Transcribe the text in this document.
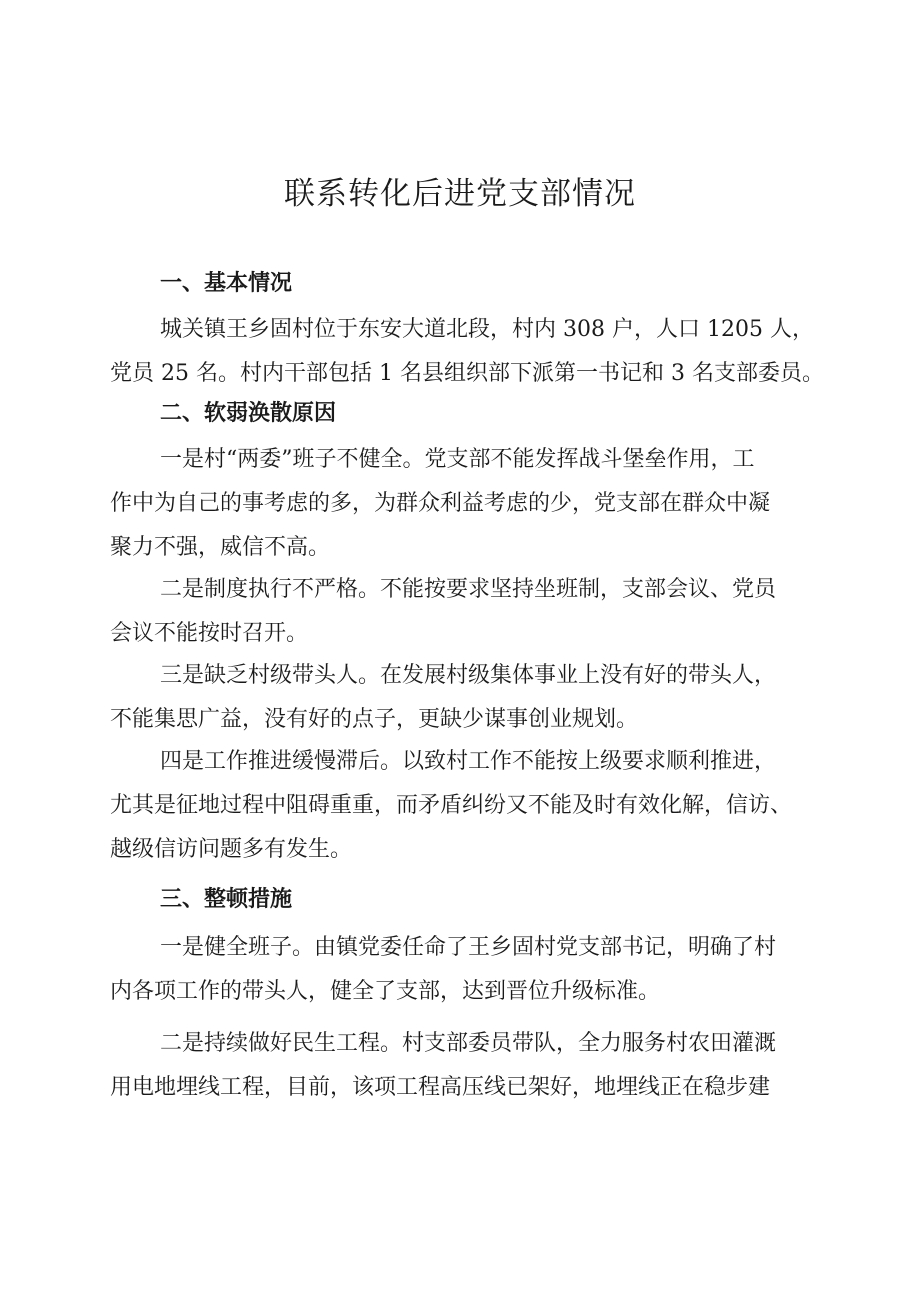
联系转化后进党支部情况
一、基本情况

城关镇王乡固村位于东安大道北段，村内 308 户，人口 1205 人，
党员 25 名。村内干部包括 1 名县组织部下派第一书记和 3 名支部委员。

二、软弱涣散原因

一是村“两委”班子不健全。党支部不能发挥战斗堡垒作用，工
作中为自己的事考虑的多，为群众利益考虑的少，党支部在群众中凝
聚力不强，威信不高。

二是制度执行不严格。不能按要求坚持坐班制，支部会议、党员
会议不能按时召开。

三是缺乏村级带头人。在发展村级集体事业上没有好的带头人，
不能集思广益，没有好的点子，更缺少谋事创业规划。

四是工作推进缓慢滞后。以致村工作不能按上级要求顺利推进，
尤其是征地过程中阻碍重重，而矛盾纠纷又不能及时有效化解，信访、
越级信访问题多有发生。

三、整顿措施

一是健全班子。由镇党委任命了王乡固村党支部书记，明确了村
内各项工作的带头人，健全了支部，达到晋位升级标准。

二是持续做好民生工程。村支部委员带队，全力服务村农田灌溉
用电地埋线工程，目前，该项工程高压线已架好，地埋线正在稳步建
